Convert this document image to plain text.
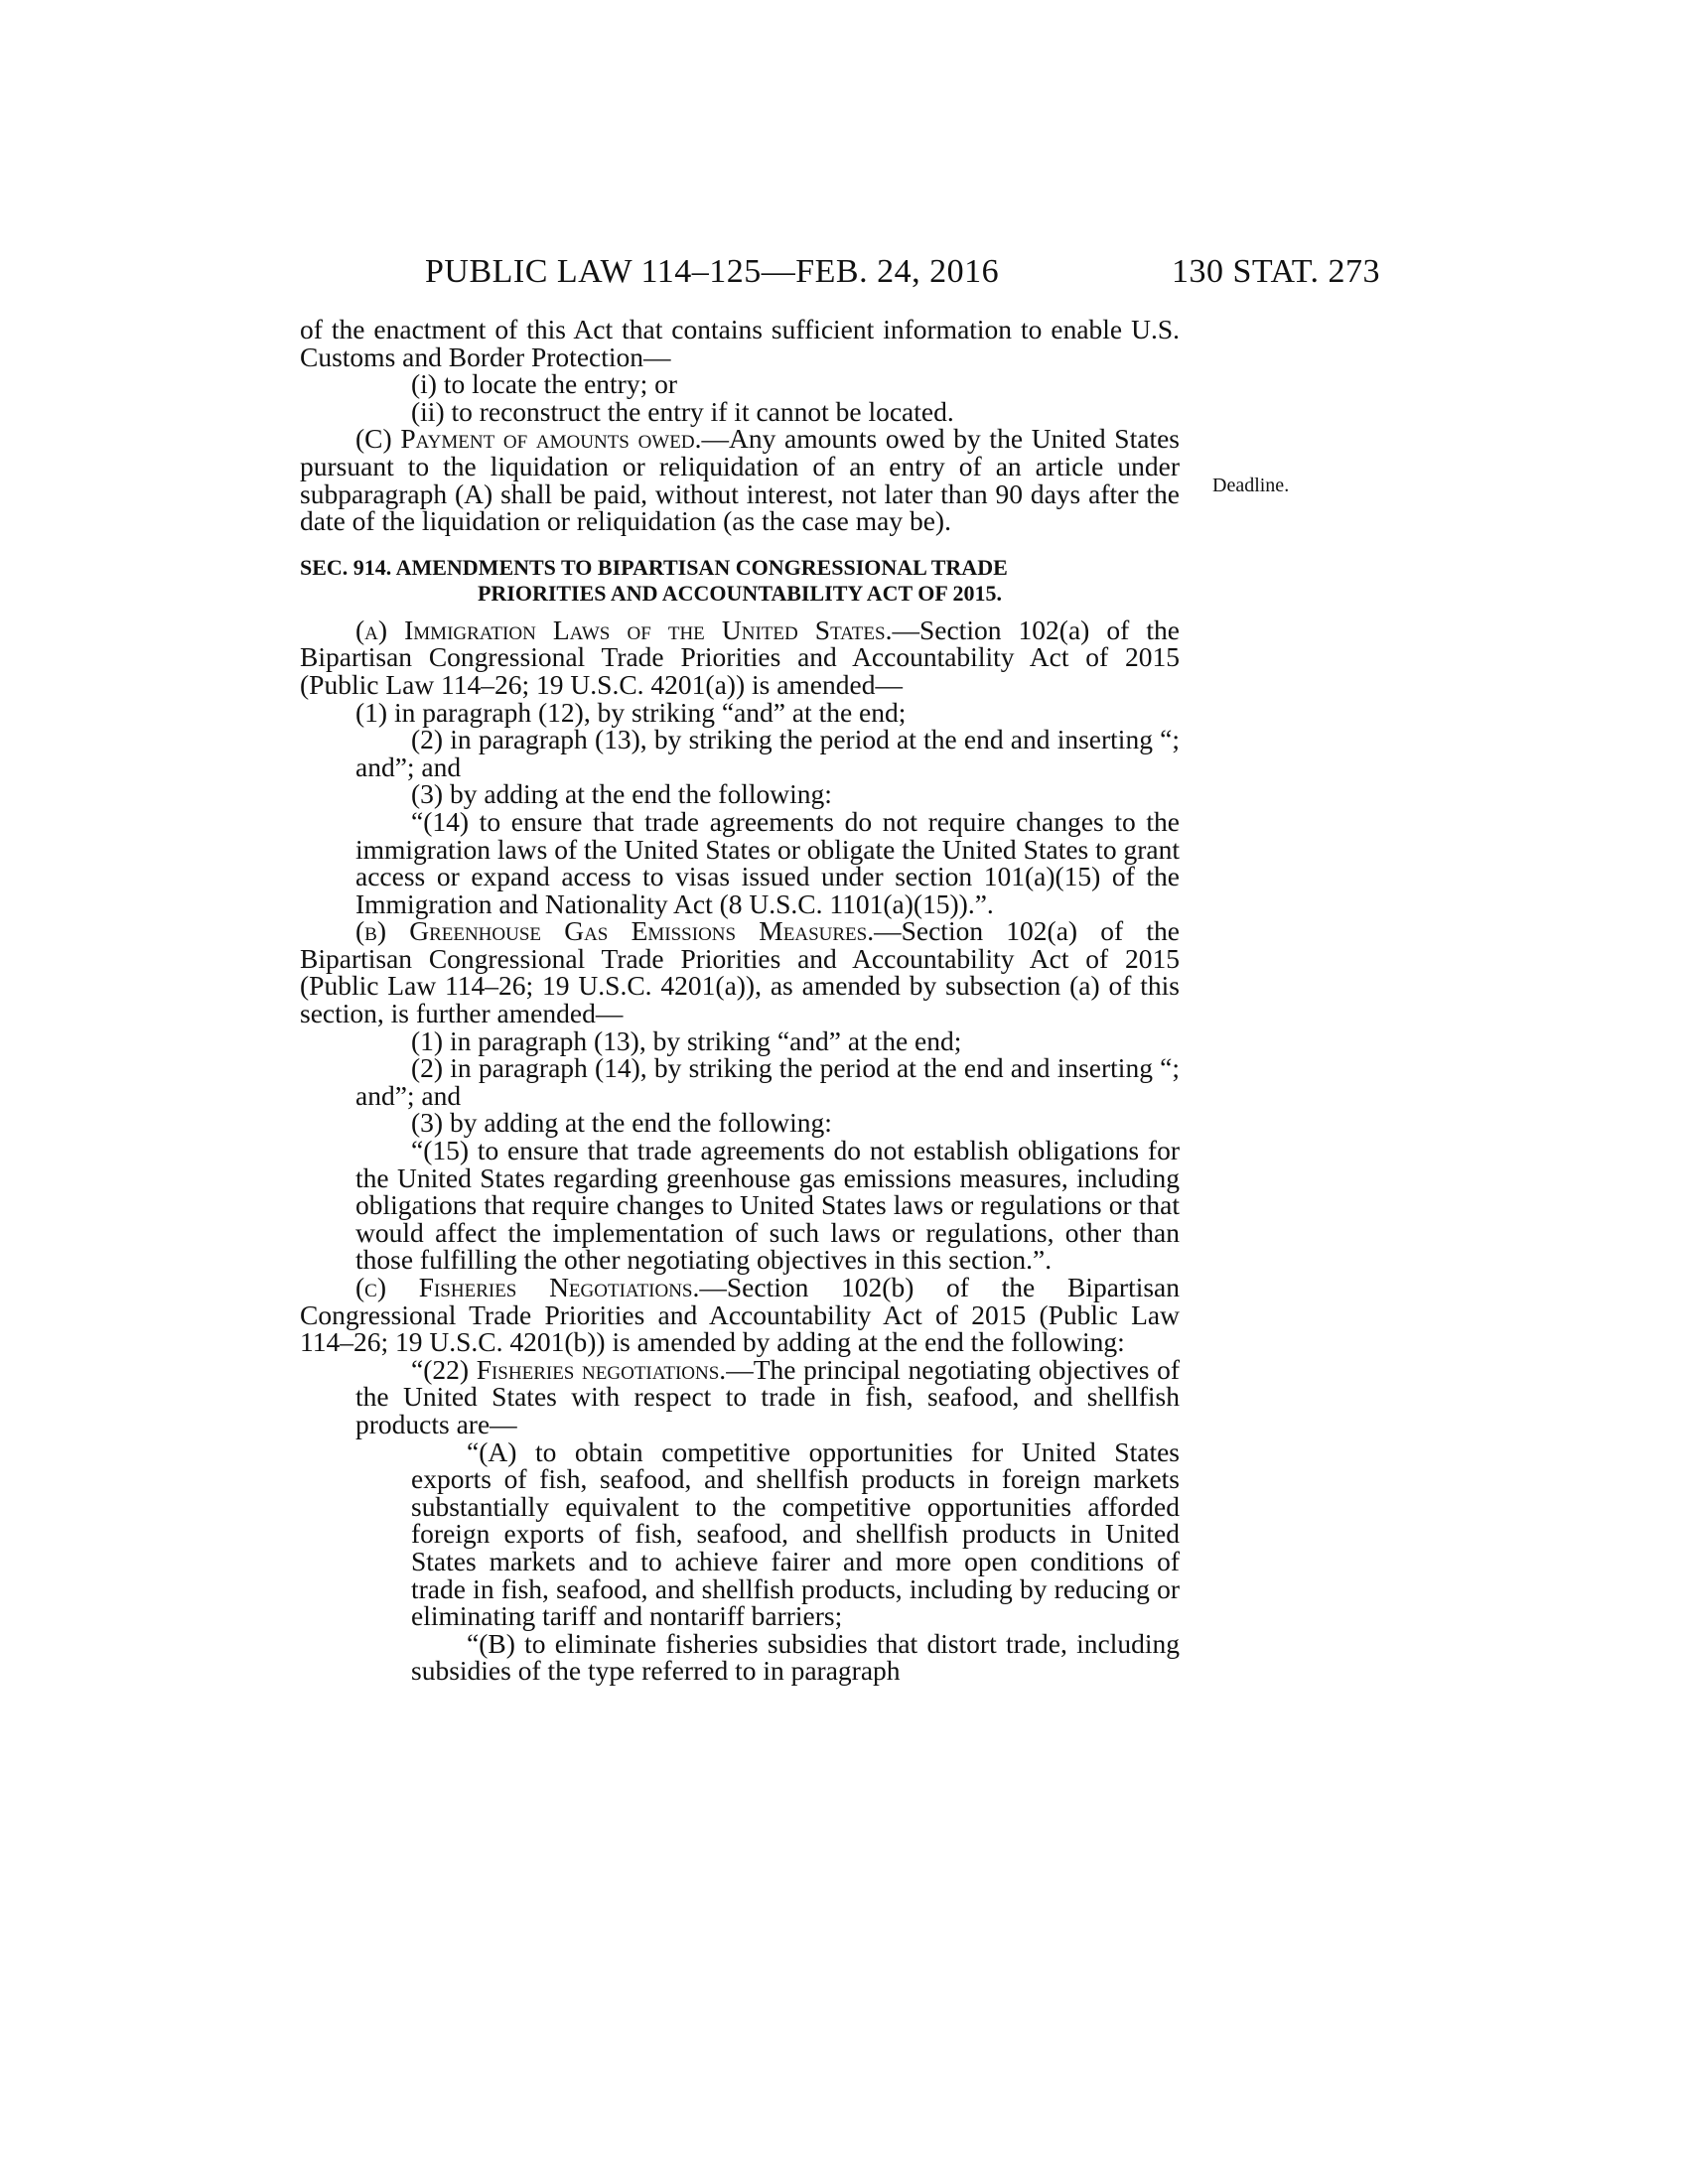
PUBLIC LAW 114–125—FEB. 24, 2016	130 STAT. 273
Deadline.

of the enactment of this Act that contains sufficient information to enable U.S. Customs and Border Protection—

(i) to locate the entry; or

(ii) to reconstruct the entry if it cannot be located.

(C) Payment of amounts owed.—Any amounts owed by the United States pursuant to the liquidation or reliquidation of an entry of an article under subparagraph (A) shall be paid, without interest, not later than 90 days after the date of the liquidation or reliquidation (as the case may be).

SEC. 914. AMENDMENTS TO BIPARTISAN CONGRESSIONAL TRADE
PRIORITIES AND ACCOUNTABILITY ACT OF 2015.

(a) Immigration Laws of the United States.—Section 102(a) of the Bipartisan Congressional Trade Priorities and Accountability Act of 2015 (Public Law 114–26; 19 U.S.C. 4201(a)) is amended—

(1) in paragraph (12), by striking “and” at the end;

(2) in paragraph (13), by striking the period at the end and inserting “; and”; and

(3) by adding at the end the following:

“(14) to ensure that trade agreements do not require changes to the immigration laws of the United States or obligate the United States to grant access or expand access to visas issued under section 101(a)(15) of the Immigration and Nationality Act (8 U.S.C. 1101(a)(15)).”.

(b) Greenhouse Gas Emissions Measures.—Section 102(a) of the Bipartisan Congressional Trade Priorities and Accountability Act of 2015 (Public Law 114–26; 19 U.S.C. 4201(a)), as amended by subsection (a) of this section, is further amended—

(1) in paragraph (13), by striking “and” at the end;

(2) in paragraph (14), by striking the period at the end and inserting “; and”; and

(3) by adding at the end the following:

“(15) to ensure that trade agreements do not establish obligations for the United States regarding greenhouse gas emissions measures, including obligations that require changes to United States laws or regulations or that would affect the implementation of such laws or regulations, other than those fulfilling the other negotiating objectives in this section.”.

(c) Fisheries Negotiations.—Section 102(b) of the Bipartisan Congressional Trade Priorities and Accountability Act of 2015 (Public Law 114–26; 19 U.S.C. 4201(b)) is amended by adding at the end the following:

“(22) Fisheries negotiations.—The principal negotiating objectives of the United States with respect to trade in fish, seafood, and shellfish products are—

“(A) to obtain competitive opportunities for United States exports of fish, seafood, and shellfish products in foreign markets substantially equivalent to the competitive opportunities afforded foreign exports of fish, seafood, and shellfish products in United States markets and to achieve fairer and more open conditions of trade in fish, seafood, and shellfish products, including by reducing or eliminating tariff and nontariff barriers;

“(B) to eliminate fisheries subsidies that distort trade, including subsidies of the type referred to in paragraph
